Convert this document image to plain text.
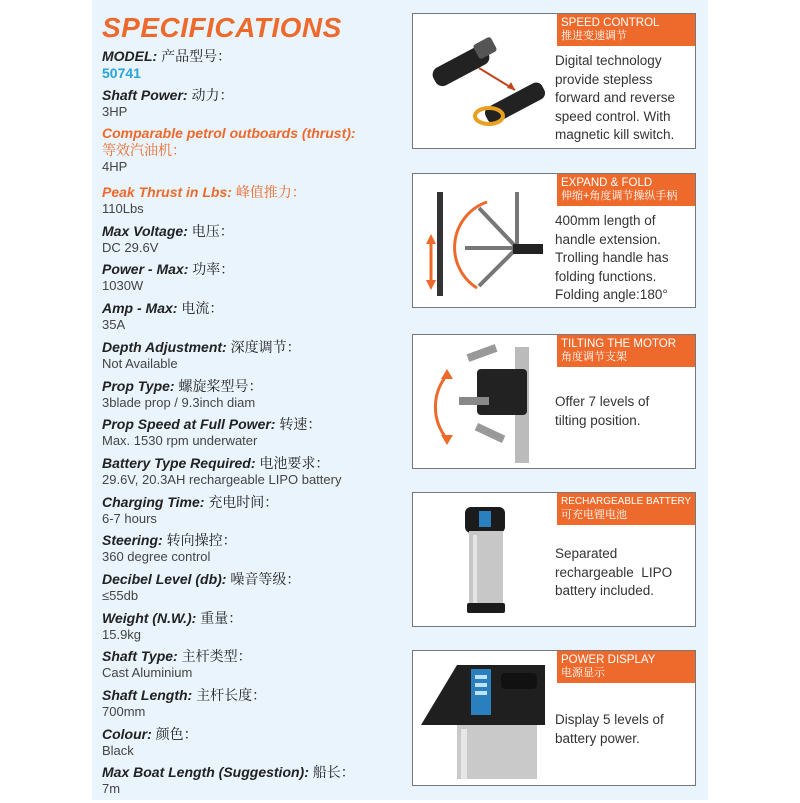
SPECIFICATIONS
MODEL: 产品型号：
50741
Shaft Power: 动力：
3HP
Comparable petrol outboards (thrust):
等效汽油机：
4HP
Peak Thrust in Lbs: 峰值推力：
110Lbs
Max Voltage: 电压：
DC 29.6V
Power - Max: 功率：
1030W
Amp - Max: 电流：
35A
Depth Adjustment: 深度调节：
Not Available
Prop Type: 螺旋桨型号：
3blade prop / 9.3inch diam
Prop Speed at Full Power: 转速：
Max. 1530 rpm underwater
Battery Type Required: 电池要求：
29.6V, 20.3AH rechargeable LIPO battery
Charging Time: 充电时间：
6-7 hours
Steering: 转向操控：
360 degree control
Decibel Level (db): 噪音等级：
≤55db
Weight (N.W.): 重量：
15.9kg
Shaft Type: 主杆类型：
Cast Aluminium
Shaft Length: 主杆长度：
700mm
Colour: 颜色：
Black
Max Boat Length (Suggestion): 船长：
7m
SPEED CONTROL
推进变速调节
Digital technology
provide stepless
forward and reverse
speed control. With
magnetic kill switch.
EXPAND & FOLD
伸缩+角度调节操纵手柄
400mm length of
handle extension.
Trolling handle has
folding functions.
Folding angle:180°
TILTING THE MOTOR
角度调节支架
Offer 7 levels of
tilting position.
RECHARGEABLE BATTERY
可充电锂电池
Separated
rechargeable  LIPO
battery included.
POWER DISPLAY
电源显示
Display 5 levels of
battery power.
